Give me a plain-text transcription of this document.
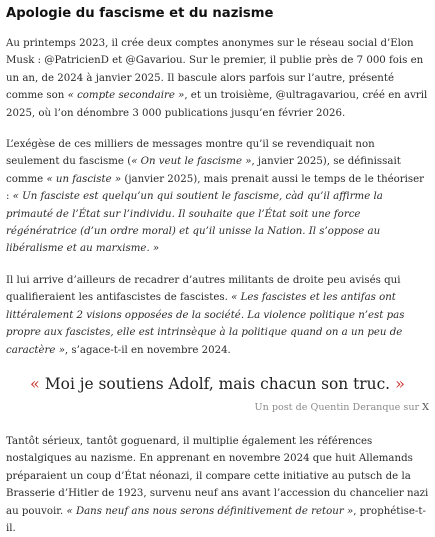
Apologie du fascisme et du nazisme

Au printemps 2023, il crée deux comptes anonymes sur le réseau social d’Elon Musk : @PatricienD et @Gavariou. Sur le premier, il publie près de 7 000 fois en un an, de 2024 à janvier 2025. Il bascule alors parfois sur l’autre, présenté comme son « compte secondaire », et un troisième, @ultragavariou, créé en avril 2025, où l’on dénombre 3 000 publications jusqu’en février 2026.

L’exégèse de ces milliers de messages montre qu’il se revendiquait non seulement du fascisme (« On veut le fascisme », janvier 2025), se définissait comme « un fasciste » (janvier 2025), mais prenait aussi le temps de le théoriser : « Un fasciste est quelqu’un qui soutient le fascisme, càd qu’il affirme la primauté de l’État sur l’individu. Il souhaite que l’État soit une force régénératrice (d’un ordre moral) et qu’il unisse la Nation. Il s’oppose au libéralisme et au marxisme. »

Il lui arrive d’ailleurs de recadrer d’autres militants de droite peu avisés qui qualifieraient les antifascistes de fascistes. « Les fascistes et les antifas ont littéralement 2 visions opposées de la société. La violence politique n’est pas propre aux fascistes, elle est intrinsèque à la politique quand on a un peu de caractère », s’agace-t-il en novembre 2024.

« Moi je soutiens Adolf, mais chacun son truc. »
Un post de Quentin Deranque sur X

Tantôt sérieux, tantôt goguenard, il multiplie également les références nostalgiques au nazisme. En apprenant en novembre 2024 que huit Allemands préparaient un coup d’État néonazi, il compare cette initiative au putsch de la Brasserie d’Hitler de 1923, survenu neuf ans avant l’accession du chancelier nazi au pouvoir. « Dans neuf ans nous serons définitivement de retour », prophétise-t-il.
